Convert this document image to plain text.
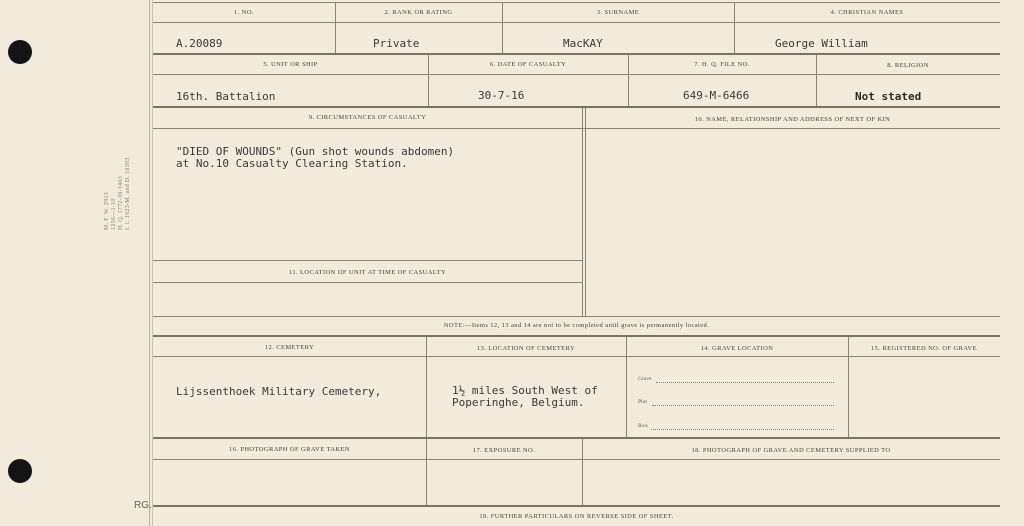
M. F. W. 2913 1256—1-10 H. Q. 1772-39-1463 I. I. 1623-M. and D. 10303
1. NO.	2. RANK OR RATING	3. SURNAME	4. CHRISTIAN NAMES
A.20089	Private	MacKAY	George William
5. UNIT OR SHIP	6. DATE OF CASUALTY	7. H. Q. FILE NO.	8. RELIGION
16th. Battalion	30-7-16	649-M-6466	Not stated
9. CIRCUMSTANCES OF CASUALTY	10. NAME, RELATIONSHIP AND ADDRESS OF NEXT OF KIN
"DIED OF WOUNDS" (Gun shot wounds abdomen)
at No.10 Casualty Clearing Station.
11. LOCATION OF UNIT AT TIME OF CASUALTY
NOTE:—Items 12, 13 and 14 are not to be completed until grave is permanently located.
12. CEMETERY	13. LOCATION OF CEMETERY	14. GRAVE LOCATION	15. REGISTERED NO. OF GRAVE
Lijssenthoek Military Cemetery,	1½ miles South West of
Poperinghe, Belgium.
Grave
Plot
Row
16. PHOTOGRAPH OF GRAVE TAKEN	17. EXPOSURE NO.	18. PHOTOGRAPH OF GRAVE AND CEMETERY SUPPLIED TO
RG.
19. FURTHER PARTICULARS ON REVERSE SIDE OF SHEET.
